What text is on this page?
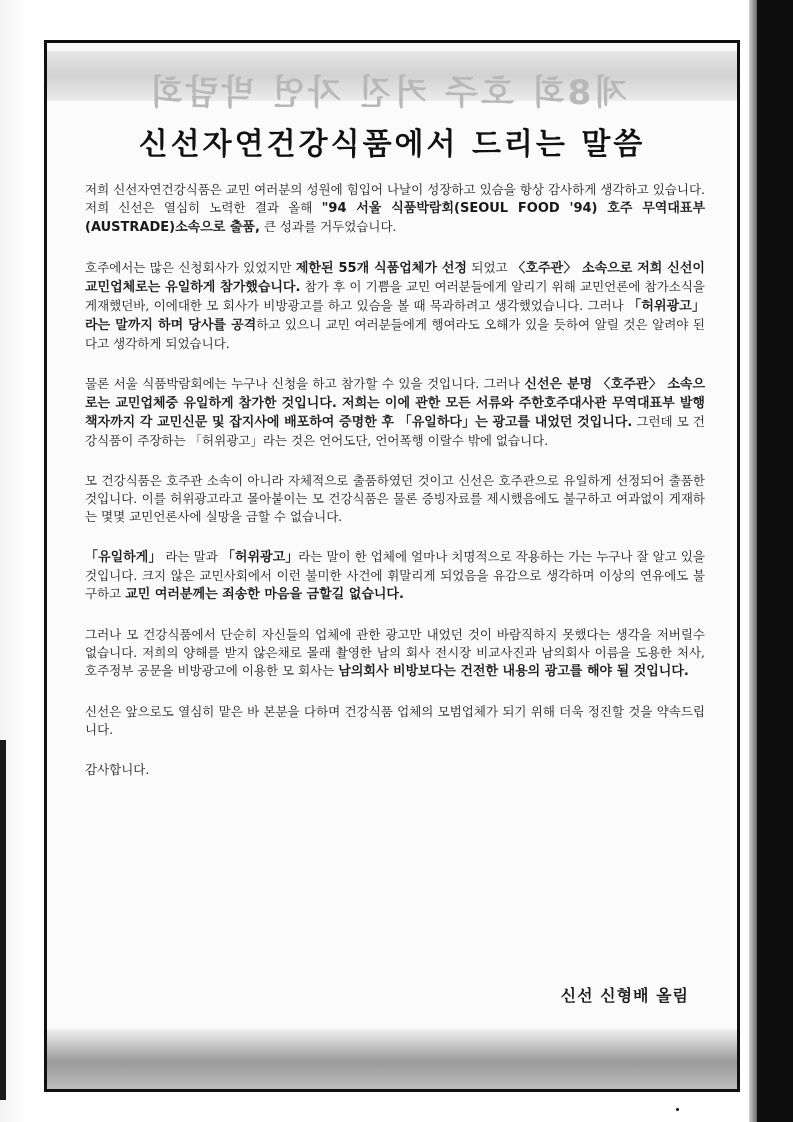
제8회 호주 커진 자연 박람회
신선자연건강식품에서 드리는 말씀

저희 신선자연건강식품은 교민 여러분의 성원에 힘입어 나날이 성장하고 있슴을 항상 감사하게 생각하고 있습니다. 저희 신선은 열심히 노력한 결과 올해 "94 서울 식품박람회(SEOUL FOOD '94) 호주 무역대표부(AUSTRADE)소속으로 출품, 큰 성과를 거두었습니다.

호주에서는 많은 신청회사가 있었지만 제한된 55개 식품업체가 선정 되었고 〈호주관〉 소속으로 저희 신선이 교민업체로는 유일하게 참가했습니다. 참가 후 이 기쁨을 교민 여러분들에게 알리기 위해 교민언론에 참가소식을 게재했던바, 이에대한 모 회사가 비방광고를 하고 있슴을 볼 때 묵과하려고 생각했었습니다. 그러나 「허위광고」라는 말까지 하며 당사를 공격하고 있으니 교민 여러분들에게 행여라도 오해가 있을 듯하여 알릴 것은 알려야 된다고 생각하게 되었습니다.

물론 서울 식품박람회에는 누구나 신청을 하고 참가할 수 있을 것입니다. 그러나 신선은 분명 〈호주관〉 소속으로는 교민업체중 유일하게 참가한 것입니다. 저희는 이에 관한 모든 서류와 주한호주대사관 무역대표부 발행책자까지 각 교민신문 및 잡지사에 배포하여 증명한 후 「유일하다」는 광고를 내었던 것입니다. 그런데 모 건강식품이 주장하는 「허위광고」라는 것은 언어도단, 언어폭행 이랄수 밖에 없습니다.

모 건강식품은 호주관 소속이 아니라 자체적으로 출품하였던 것이고 신선은 호주관으로 유일하게 선정되어 출품한 것입니다. 이를 허위광고라고 몰아붙이는 모 건강식품은 물론 증빙자료를 제시했음에도 불구하고 여과없이 게재하는 몇몇 교민언론사에 실망을 금할 수 없습니다.

「유일하게」 라는 말과 「허위광고」라는 말이 한 업체에 얼마나 치명적으로 작용하는 가는 누구나 잘 알고 있을것입니다. 크지 않은 교민사회에서 이런 불미한 사건에 휘말리게 되었음을 유감으로 생각하며 이상의 연유에도 불구하고 교민 여러분께는 죄송한 마음을 금할길 없습니다.

그러나 모 건강식품에서 단순히 자신들의 업체에 관한 광고만 내었던 것이 바람직하지 못했다는 생각을 저버릴수 없습니다. 저희의 양해를 받지 않은채로 몰래 촬영한 남의 회사 전시장 비교사진과 남의회사 이름을 도용한 처사, 호주정부 공문을 비방광고에 이용한 모 회사는 남의회사 비방보다는 건전한 내용의 광고를 해야 될 것입니다.

신선은 앞으로도 열심히 맡은 바 본분을 다하며 건강식품 업체의 모범업체가 되기 위해 더욱 정진할 것을 약속드립니다.

감사합니다.

신선 신형배 올림
